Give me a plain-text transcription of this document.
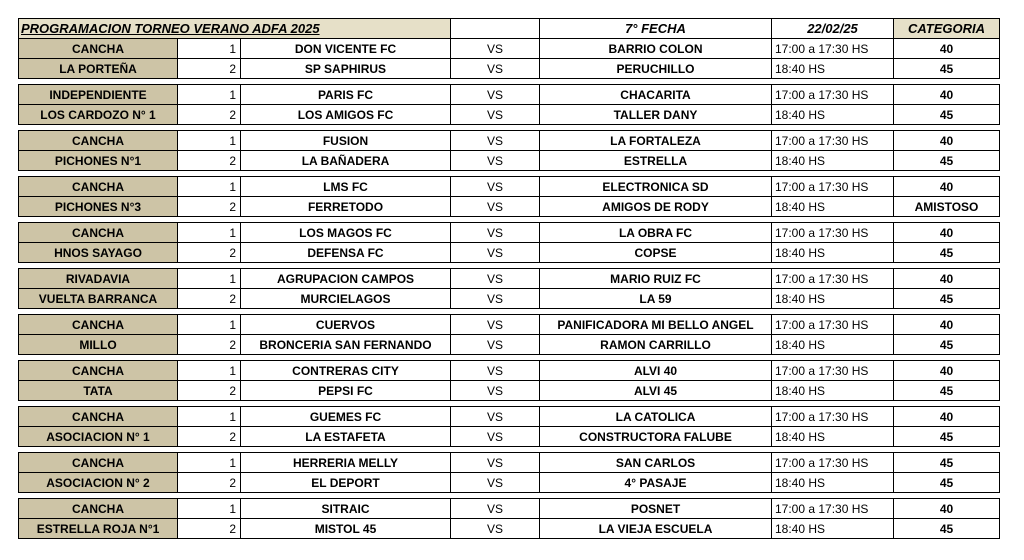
PROGRAMACION TORNEO VERANO ADFA 2025				7° FECHA	22/02/25	CATEGORIA
CANCHA	1	DON VICENTE FC	VS	BARRIO COLON	17:00 a 17:30 HS	40
LA PORTEÑA	2	SP SAPHIRUS	VS	PERUCHILLO	18:40 HS	45

INDEPENDIENTE	1	PARIS FC	VS	CHACARITA	17:00 a 17:30 HS	40
LOS CARDOZO N° 1	2	LOS AMIGOS FC	VS	TALLER DANY	18:40 HS	45

CANCHA	1	FUSION	VS	LA FORTALEZA	17:00 a 17:30 HS	40
PICHONES N°1	2	LA BAÑADERA	VS	ESTRELLA	18:40 HS	45

CANCHA	1	LMS FC	VS	ELECTRONICA SD	17:00 a 17:30 HS	40
PICHONES N°3	2	FERRETODO	VS	AMIGOS DE RODY	18:40 HS	AMISTOSO

CANCHA	1	LOS MAGOS FC	VS	LA OBRA FC	17:00 a 17:30 HS	40
HNOS SAYAGO	2	DEFENSA FC	VS	COPSE	18:40 HS	45

RIVADAVIA	1	AGRUPACION CAMPOS	VS	MARIO RUIZ FC	17:00 a 17:30 HS	40
VUELTA BARRANCA	2	MURCIELAGOS	VS	LA 59	18:40 HS	45

CANCHA	1	CUERVOS	VS	PANIFICADORA MI BELLO ANGEL	17:00 a 17:30 HS	40
MILLO	2	BRONCERIA SAN FERNANDO	VS	RAMON CARRILLO	18:40 HS	45

CANCHA	1	CONTRERAS CITY	VS	ALVI 40	17:00 a 17:30 HS	40
TATA	2	PEPSI FC	VS	ALVI 45	18:40 HS	45

CANCHA	1	GUEMES FC	VS	LA CATOLICA	17:00 a 17:30 HS	40
ASOCIACION N° 1	2	LA ESTAFETA	VS	CONSTRUCTORA FALUBE	18:40 HS	45

CANCHA	1	HERRERIA MELLY	VS	SAN CARLOS	17:00 a 17:30 HS	45
ASOCIACION N° 2	2	EL DEPORT	VS	4° PASAJE	18:40 HS	45

CANCHA	1	SITRAIC	VS	POSNET	17:00 a 17:30 HS	40
ESTRELLA ROJA N°1	2	MISTOL 45	VS	LA VIEJA ESCUELA	18:40 HS	45
